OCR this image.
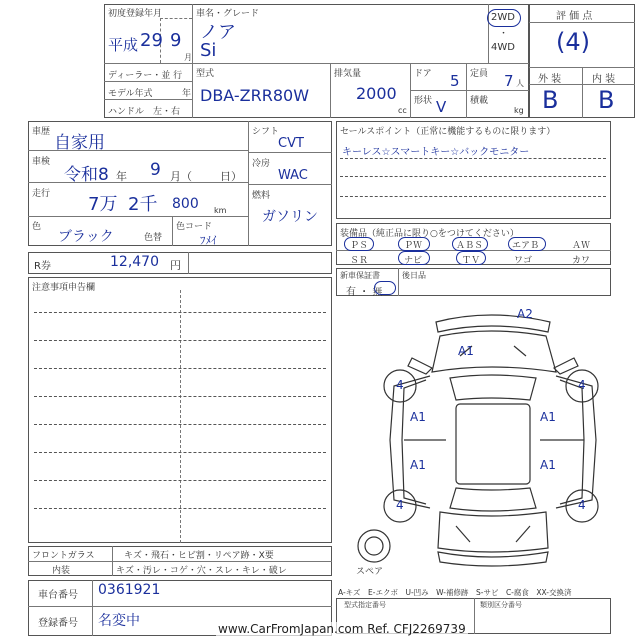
初度登録年月
平成 29 9
月
車名・グレード
ノア
Si
2WD
・
4WD
ディーラー・並 行
モデル年式	年
ハンドル　左・右
型式
DBA-ZRR80W
排気量
2000
cc
ドア 5 定員 7 人
形状 V	積載
kg
評 価 点
(4)
外 装	内 装
B B
車歴
自家用
車検
令和8 年 9 月（	日）
走行 7万 2千 800 km
色
ブラック	色替
色コード
ﾌﾒｲ
シフト
CVT
冷房
WAC
燃料
ガソリン
R券	12,470 円
注意事項申告欄
セールスポイント（正常に機能するものに限ります）
キーレス☆スマートキー☆バックモニター
装備品（純正品に限り○をつけてください）
ＰＳ	ＰＷ	ＡＢＳ	エアＢ	ＡＷ
ＳＲ	ナビ	ＴＶ	ワゴ	カワ
新車保証書
有 ・ 無
後日品
A2
A1
4	4
A1	A1
A1	A1
4	4
スペア
フロントガラス	キズ・飛石・ヒビ割・リペア跡・X要
内装	キズ・汚レ・コゲ・穴・スレ・キレ・破レ
車台番号 0361921
登録番号 名変中
A-キズ　E-エクボ　U-凹み　W-補修跡　S-サビ　C-腐食　XX-交換済
型式指定番号	類別区分番号
www.CarFromJapan.com Ref. CFJ2269739
